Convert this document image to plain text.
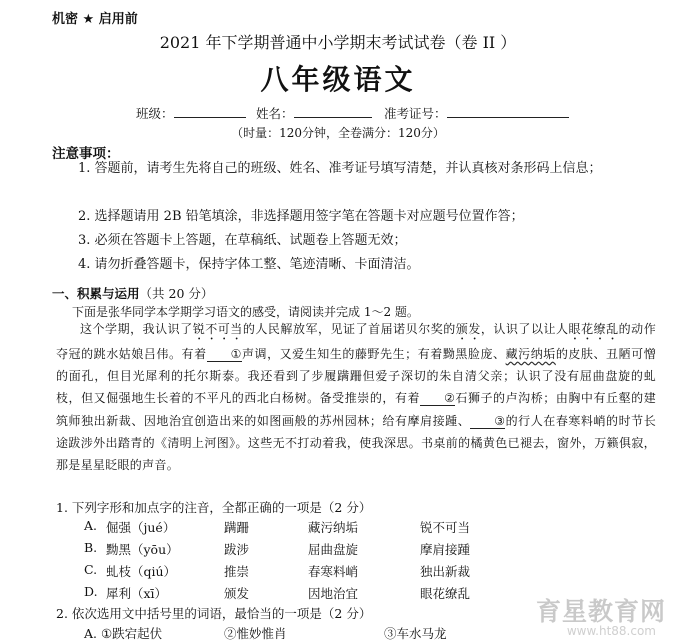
机密 ★ 启用前
2021 年下学期普通中小学期末考试试卷（卷 II ）
八年级语文
班级：	姓名：	准考证号：
（时量：120分钟，全卷满分：120分）
注意事项：
1. 答题前，请考生先将自己的班级、姓名、准考证号填写清楚，并认真核对条形码上信息；
2. 选择题请用 2B 铅笔填涂，非选择题用签字笔在答题卡对应题号位置作答；
3. 必须在答题卡上答题，在草稿纸、试题卷上答题无效；
4. 请勿折叠答题卡，保持字体工整、笔迹清晰、卡面清洁。
一、积累与运用（共 20 分）
下面是张华同学本学期学习语文的感受，请阅读并完成 1～2 题。
这个学期，我认识了锐不可当的人民解放军，见证了首届诺贝尔奖的颁发，认识了以让人眼花缭乱的动作夺冠的跳水姑娘吕伟。有着 ①声调，又爱生知生的藤野先生；有着黝黑脸庞、藏污纳垢的皮肤、丑陋可憎的面孔，但目光犀利的托尔斯泰。我还看到了步履蹒跚但爱子深切的朱自清父亲；认识了没有屈曲盘旋的虬枝，但又倔强地生长着的不平凡的西北白杨树。备受推崇的，有着 ②石狮子的卢沟桥；由胸中有丘壑的建筑师独出新裁、因地治宜创造出来的如图画般的苏州园林；给有摩肩接踵、 ③的行人在春寒料峭的时节长途跋涉外出踏青的《清明上河图》。这些无不打动着我，使我深思。书桌前的橘黄色已褪去，窗外，万籁俱寂，那是星星眨眼的声音。
1. 下列字形和加点字的注音，全都正确的一项是（2 分）
A. 倔强（jué）	蹒跚	藏污纳垢	锐不可当
B. 黝黑（yōu）	跋涉	屈曲盘旋	摩肩接踵
C. 虬枝（qiú）	推崇	春寒料峭	独出新裁
D. 犀利（xī）	颁发	因地治宜	眼花缭乱
2. 依次选用文中括号里的词语，最恰当的一项是（2 分）
A. ①跌宕起伏	②惟妙惟肖	③车水马龙
育星教育网
www.ht88.com
